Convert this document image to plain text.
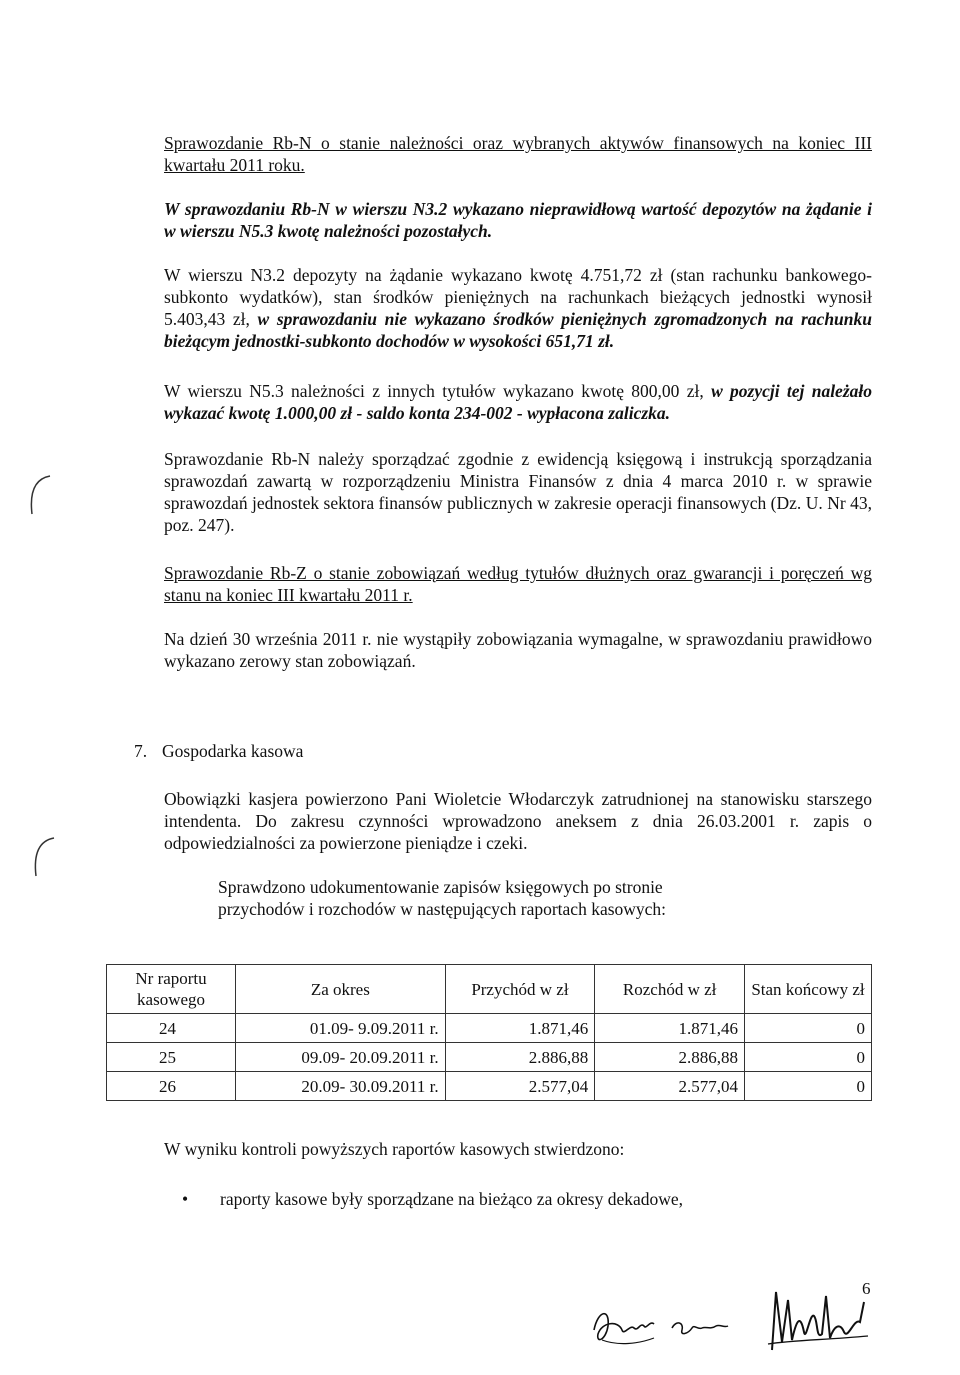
Sprawozdanie Rb-N o stanie należności oraz wybranych aktywów finansowych na koniec III kwartału 2011 roku.
W sprawozdaniu Rb-N w wierszu N3.2 wykazano nieprawidłową wartość depozytów na żądanie i w wierszu N5.3 kwotę należności pozostałych.
W wierszu N3.2 depozyty na żądanie wykazano kwotę 4.751,72 zł (stan rachunku bankowego-subkonto wydatków), stan środków pieniężnych na rachunkach bieżących jednostki wynosił 5.403,43 zł, w sprawozdaniu nie wykazano środków pieniężnych zgromadzonych na rachunku bieżącym jednostki-subkonto dochodów w wysokości 651,71 zł.
W wierszu N5.3 należności z innych tytułów wykazano kwotę 800,00 zł, w pozycji tej należało wykazać kwotę 1.000,00 zł - saldo konta 234-002 - wypłacona zaliczka.
Sprawozdanie Rb-N należy sporządzać zgodnie z ewidencją księgową i instrukcją sporządzania sprawozdań zawartą w rozporządzeniu Ministra Finansów z dnia 4 marca 2010 r. w sprawie sprawozdań jednostek sektora finansów publicznych w zakresie operacji finansowych (Dz. U. Nr 43, poz. 247).
Sprawozdanie Rb-Z o stanie zobowiązań według tytułów dłużnych oraz gwarancji i poręczeń wg stanu na koniec III kwartału 2011 r.
Na dzień 30 września 2011 r. nie wystąpiły zobowiązania wymagalne, w sprawozdaniu prawidłowo wykazano zerowy stan zobowiązań.
7. Gospodarka kasowa
Obowiązki kasjera powierzono Pani Wioletcie Włodarczyk zatrudnionej na stanowisku starszego intendenta. Do zakresu czynności wprowadzono aneksem z dnia 26.03.2001 r. zapis o odpowiedzialności za powierzone pieniądze i czeki.
Sprawdzono udokumentowanie zapisów księgowych po stronie przychodów i rozchodów w następujących raportach kasowych:
Nr raportu kasowego	Za okres	Przychód w zł	Rozchód w zł	Stan końcowy zł
24	01.09- 9.09.2011 r.	1.871,46	1.871,46	0
25	09.09- 20.09.2011 r.	2.886,88	2.886,88	0
26	20.09- 30.09.2011 r.	2.577,04	2.577,04	0
W wyniku kontroli powyższych raportów kasowych stwierdzono:
• raporty kasowe były sporządzane na bieżąco za okresy dekadowe,
6
